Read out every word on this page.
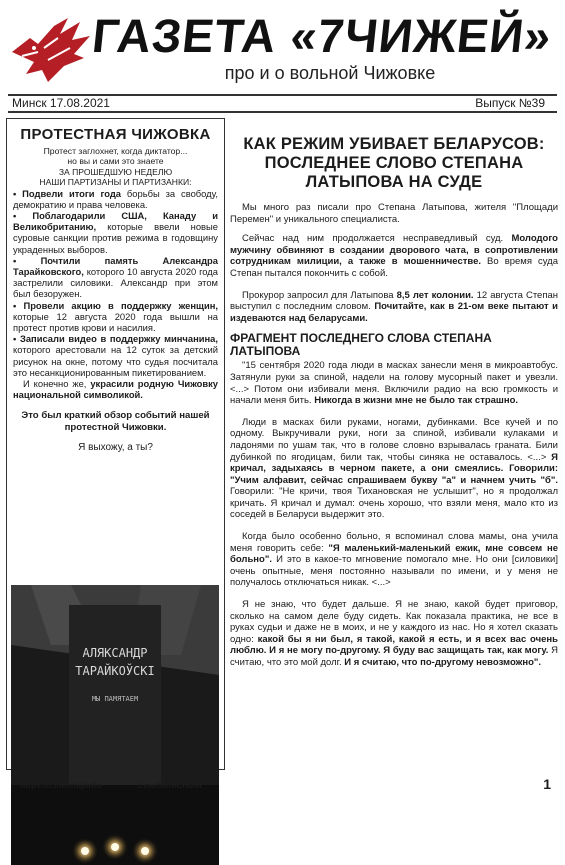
ГАЗЕТА «7ЧИЖЕЙ»
про и о вольной Чижовке
Минск 17.08.2021	Выпуск №39
ПРОТЕСТНАЯ ЧИЖОВКА
Протест заглохнет, когда диктатор...
но вы и сами это знаете
ЗА ПРОШЕДШУЮ НЕДЕЛЮ
НАШИ ПАРТИЗАНЫ И ПАРТИЗАНКИ:
• Подвели итоги года борьбы за свободу, демократию и права человека.
• Поблагодарили США, Канаду и Великобританию, которые ввели новые суровые санкции против режима в годовщину украденных выборов.
• Почтили память Александра Тарайковского, которого 10 августа 2020 года застрелили силовики. Александр при этом был безоружен.
• Провели акцию в поддержку женщин, которые 12 августа 2020 года вышли на протест против крови и насилия.
• Записали видео в поддержку минчанина, которого арестовали на 12 суток за детский рисунок на окне, потому что судья посчитала это несанкционированным пикетированием.
И конечно же, украсили родную Чижовку национальной символикой.
Это был краткий обзор событий нашей протестной Чижовки.
Я выхожу, а ты?
АЛЯКСАНДР
ТАРАЙКОЎСКІ
МЫ ПАМЯТАЕМ
КАК РЕЖИМ УБИВАЕТ БЕЛАРУСОВ: ПОСЛЕДНЕЕ СЛОВО СТЕПАНА ЛАТЫПОВА НА СУДЕ

Мы много раз писали про Степана Латыпова, жителя "Площади Перемен" и уникального специалиста.

Сейчас над ним продолжается несправедливый суд. Молодого мужчину обвиняют в создании дворового чата, в сопротивлении сотрудникам милиции, а также в мошенничестве. Во время суда Степан пытался покончить с собой.

Прокурор запросил для Латыпова 8,5 лет колонии. 12 августа Степан выступил с последним словом. Почитайте, как в 21-ом веке пытают и издеваются над беларусами.

ФРАГМЕНТ ПОСЛЕДНЕГО СЛОВА СТЕПАНА ЛАТЫПОВА

"15 сентября 2020 года люди в масках занесли меня в микроавтобус. Затянули руки за спиной, надели на голову мусорный пакет и увезли. <...> Потом они избивали меня. Включили радио на всю громкость и начали меня бить. Никогда в жизни мне не было так страшно.

Люди в масках били руками, ногами, дубинками. Все кучей и по одному. Выкручивали руки, ноги за спиной, избивали кулаками и ладонями по ушам так, что в голове словно взрывалась граната. Били дубинкой по ягодицам, били так, чтобы синяка не оставалось. <...> Я кричал, задыхаясь в черном пакете, а они смеялись. Говорили: "Учим алфавит, сейчас спрашиваем букву "а" и начнем учить "б". Говорили: "Не кричи, твоя Тихановская не услышит", но я продолжал кричать. Я кричал и думал: очень хорошо, что взяли меня, мало кто из соседей в Беларуси выдержит это.

Когда было особенно больно, я вспоминал слова мамы, она учила меня говорить себе: "Я маленький-маленький ежик, мне совсем не больно". И это в какое-то мгновение помогало мне. Но они [силовики] очень опытные, меня постоянно называли по имени, и у меня не получалось отключаться никак. <...>

Я не знаю, что будет дальше. Я не знаю, какой будет приговор, сколько на самом деле буду сидеть. Как показала практика, не все в руках судьи и даже не в моих, и не у каждого из нас. Но я хотел сказать одно: какой бы я ни был, я такой, какой я есть, и я всех вас очень люблю. И я не могу по-другому. Я буду вас защищать так, как могу. Я считаю, что это мой долг. И я считаю, что по-другому невозможно".

https://t.me/chijiinfo	t.me/SemChizei	1
